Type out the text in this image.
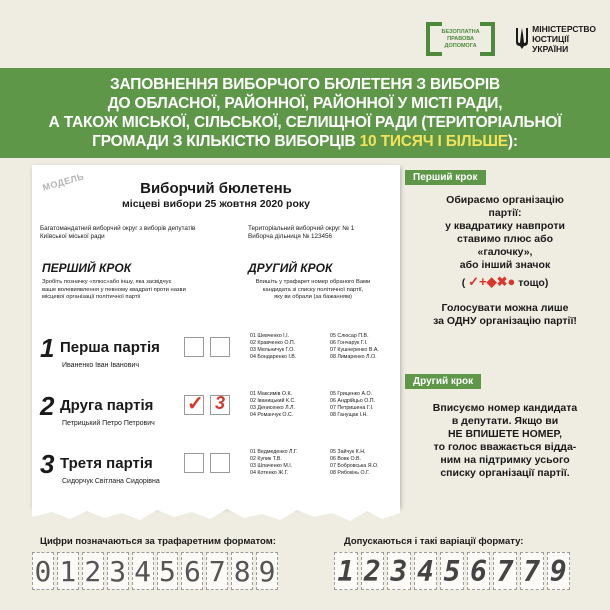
БЕЗОПЛАТНА
ПРАВОВА
ДОПОМОГА
МІНІСТЕРСТВО
ЮСТИЦІЇ УКРАЇНИ
ЗАПОВНЕННЯ ВИБОРЧОГО БЮЛЕТЕНЯ З ВИБОРІВ
ДО ОБЛАСНОЇ, РАЙОННОЇ, РАЙОННОЇ У МІСТІ РАДИ,
А ТАКОЖ МІСЬКОЇ, СІЛЬСЬКОЇ, СЕЛИЩНОЇ РАДИ (ТЕРИТОРІАЛЬНОЇ
ГРОМАДИ З КІЛЬКІСТЮ ВИБОРЦІВ 10 ТИСЯЧ І БІЛЬШЕ):
МОДЕЛЬ	Виборчий бюлетень
місцеві вибори 25 жовтня 2020 року
Багатомандатний виборчий округ з виборів депутатів
Київської міської ради
Територіальний виборчий округ № 1
Виборча дільниця № 123456
ПЕРШИЙ КРОК
Зробіть позначку «плюс»або іншу, яка засвідчує
ваше волевиявлення у певному квадраті проти назви
місцевої організації політичної партії
ДРУГИЙ КРОК
Впишіть у трафарет номер обраного Вами
кандидата зі списку політичної партії,
яку ви обрали (за бажанням)
1 Перша партія
Иваненко Іван Іванович
01 Шевченко І.І.
02 Кравченко О.П.
03 Мельничук Г.О.
04 Бондаренко І.В.
05 Слюсар П.В.
06 Гончарук Г.І.
07 Кушнеренко В.А.
08 Лимаренко Л.О.
2 Друга партія
Петрицький Петро Петрович
✓ 3	01 Максимів О.К.
02 Іваницький К.С.
03 Денисенко Л.Л.
04 Романчук О.С.
05 Гриценко А.О.
06 Андрійцьо О.П.
07 Петришена Г.І.
08 Ганущак І.Н.
3 Третя партія
Сидорчук Світлана Сидорівна
01 Ведмеденко Л.Г.
02 Купик Т.В.
03 Шпаченко М.І.
04 Котенко Ж.Г.
05 Зайчук К.Н.
06 Вовк О.В.
07 Бобровська Я.О.
08 Рибокінь О.Г.
Перший крок
Обираємо організацію
партії:
у квадратику навпроти
ставимо плюс або
«галочку»,
або інший значок
( ✓+◆✖● тощо)
Голосувати можна лише
за ОДНУ організацію партії!
Другий крок
Вписуємо номер кандидата
в депутати. Якщо ви
НЕ ВПИШЕТЕ НОМЕР,
то голос вважається відда-
ним на підтримку усього
списку організації партії.
Цифри позначаються за трафаретним форматом:
0 1 2 3 4 5 6 7 8 9
Допускаються і такі варіації формату:
1 2 3 4 5 6 7 7 9
